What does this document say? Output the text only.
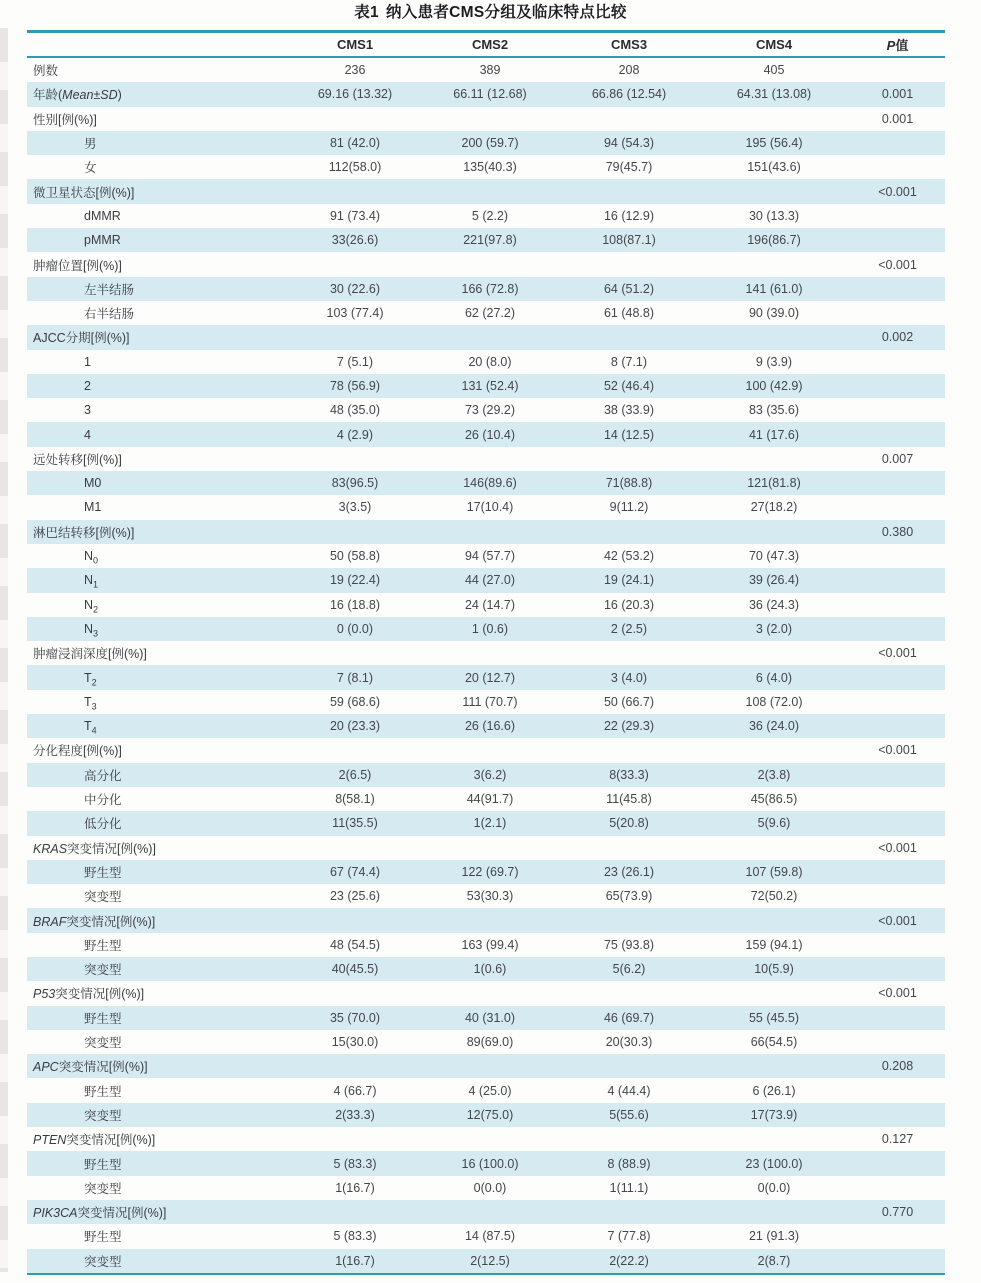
表1 纳入患者CMS分组及临床特点比较
	CMS1	CMS2	CMS3	CMS4	P值
例数	236	389	208	405	
年龄(Mean±SD)	69.16 (13.32)	66.11 (12.68)	66.86 (12.54)	64.31 (13.08)	0.001
性别[例(%)]					0.001
男	81 (42.0)	200 (59.7)	94 (54.3)	195 (56.4)	
女	112(58.0)	135(40.3)	79(45.7)	151(43.6)	
微卫星状态[例(%)]					<0.001
dMMR	91 (73.4)	5 (2.2)	16 (12.9)	30 (13.3)	
pMMR	33(26.6)	221(97.8)	108(87.1)	196(86.7)	
肿瘤位置[例(%)]					<0.001
左半结肠	30 (22.6)	166 (72.8)	64 (51.2)	141 (61.0)	
右半结肠	103 (77.4)	62 (27.2)	61 (48.8)	90 (39.0)	
AJCC分期[例(%)]					0.002
1	7 (5.1)	20 (8.0)	8 (7.1)	9 (3.9)	
2	78 (56.9)	131 (52.4)	52 (46.4)	100 (42.9)	
3	48 (35.0)	73 (29.2)	38 (33.9)	83 (35.6)	
4	4 (2.9)	26 (10.4)	14 (12.5)	41 (17.6)	
远处转移[例(%)]					0.007
M0	83(96.5)	146(89.6)	71(88.8)	121(81.8)	
M1	3(3.5)	17(10.4)	9(11.2)	27(18.2)	
淋巴结转移[例(%)]					0.380
$N_0$	50 (58.8)	94 (57.7)	42 (53.2)	70 (47.3)	
$N_1$	19 (22.4)	44 (27.0)	19 (24.1)	39 (26.4)	
$N_2$	16 (18.8)	24 (14.7)	16 (20.3)	36 (24.3)	
$N_3$	0 (0.0)	1 (0.6)	2 (2.5)	3 (2.0)	
肿瘤浸润深度[例(%)]					<0.001
$T_2$	7 (8.1)	20 (12.7)	3 (4.0)	6 (4.0)	
$T_3$	59 (68.6)	111 (70.7)	50 (66.7)	108 (72.0)	
$T_4$	20 (23.3)	26 (16.6)	22 (29.3)	36 (24.0)	
分化程度[例(%)]					<0.001
高分化	2(6.5)	3(6.2)	8(33.3)	2(3.8)	
中分化	8(58.1)	44(91.7)	11(45.8)	45(86.5)	
低分化	11(35.5)	1(2.1)	5(20.8)	5(9.6)	
KRAS突变情况[例(%)]					<0.001
野生型	67 (74.4)	122 (69.7)	23 (26.1)	107 (59.8)	
突变型	23 (25.6)	53(30.3)	65(73.9)	72(50.2)	
BRAF突变情况[例(%)]					<0.001
野生型	48 (54.5)	163 (99.4)	75 (93.8)	159 (94.1)	
突变型	40(45.5)	1(0.6)	5(6.2)	10(5.9)	
P53突变情况[例(%)]					<0.001
野生型	35 (70.0)	40 (31.0)	46 (69.7)	55 (45.5)	
突变型	15(30.0)	89(69.0)	20(30.3)	66(54.5)	
APC突变情况[例(%)]					0.208
野生型	4 (66.7)	4 (25.0)	4 (44.4)	6 (26.1)	
突变型	2(33.3)	12(75.0)	5(55.6)	17(73.9)	
PTEN突变情况[例(%)]					0.127
野生型	5 (83.3)	16 (100.0)	8 (88.9)	23 (100.0)	
突变型	1(16.7)	0(0.0)	1(11.1)	0(0.0)	
PIK3CA突变情况[例(%)]					0.770
野生型	5 (83.3)	14 (87.5)	7 (77.8)	21 (91.3)	
突变型	1(16.7)	2(12.5)	2(22.2)	2(8.7)	
